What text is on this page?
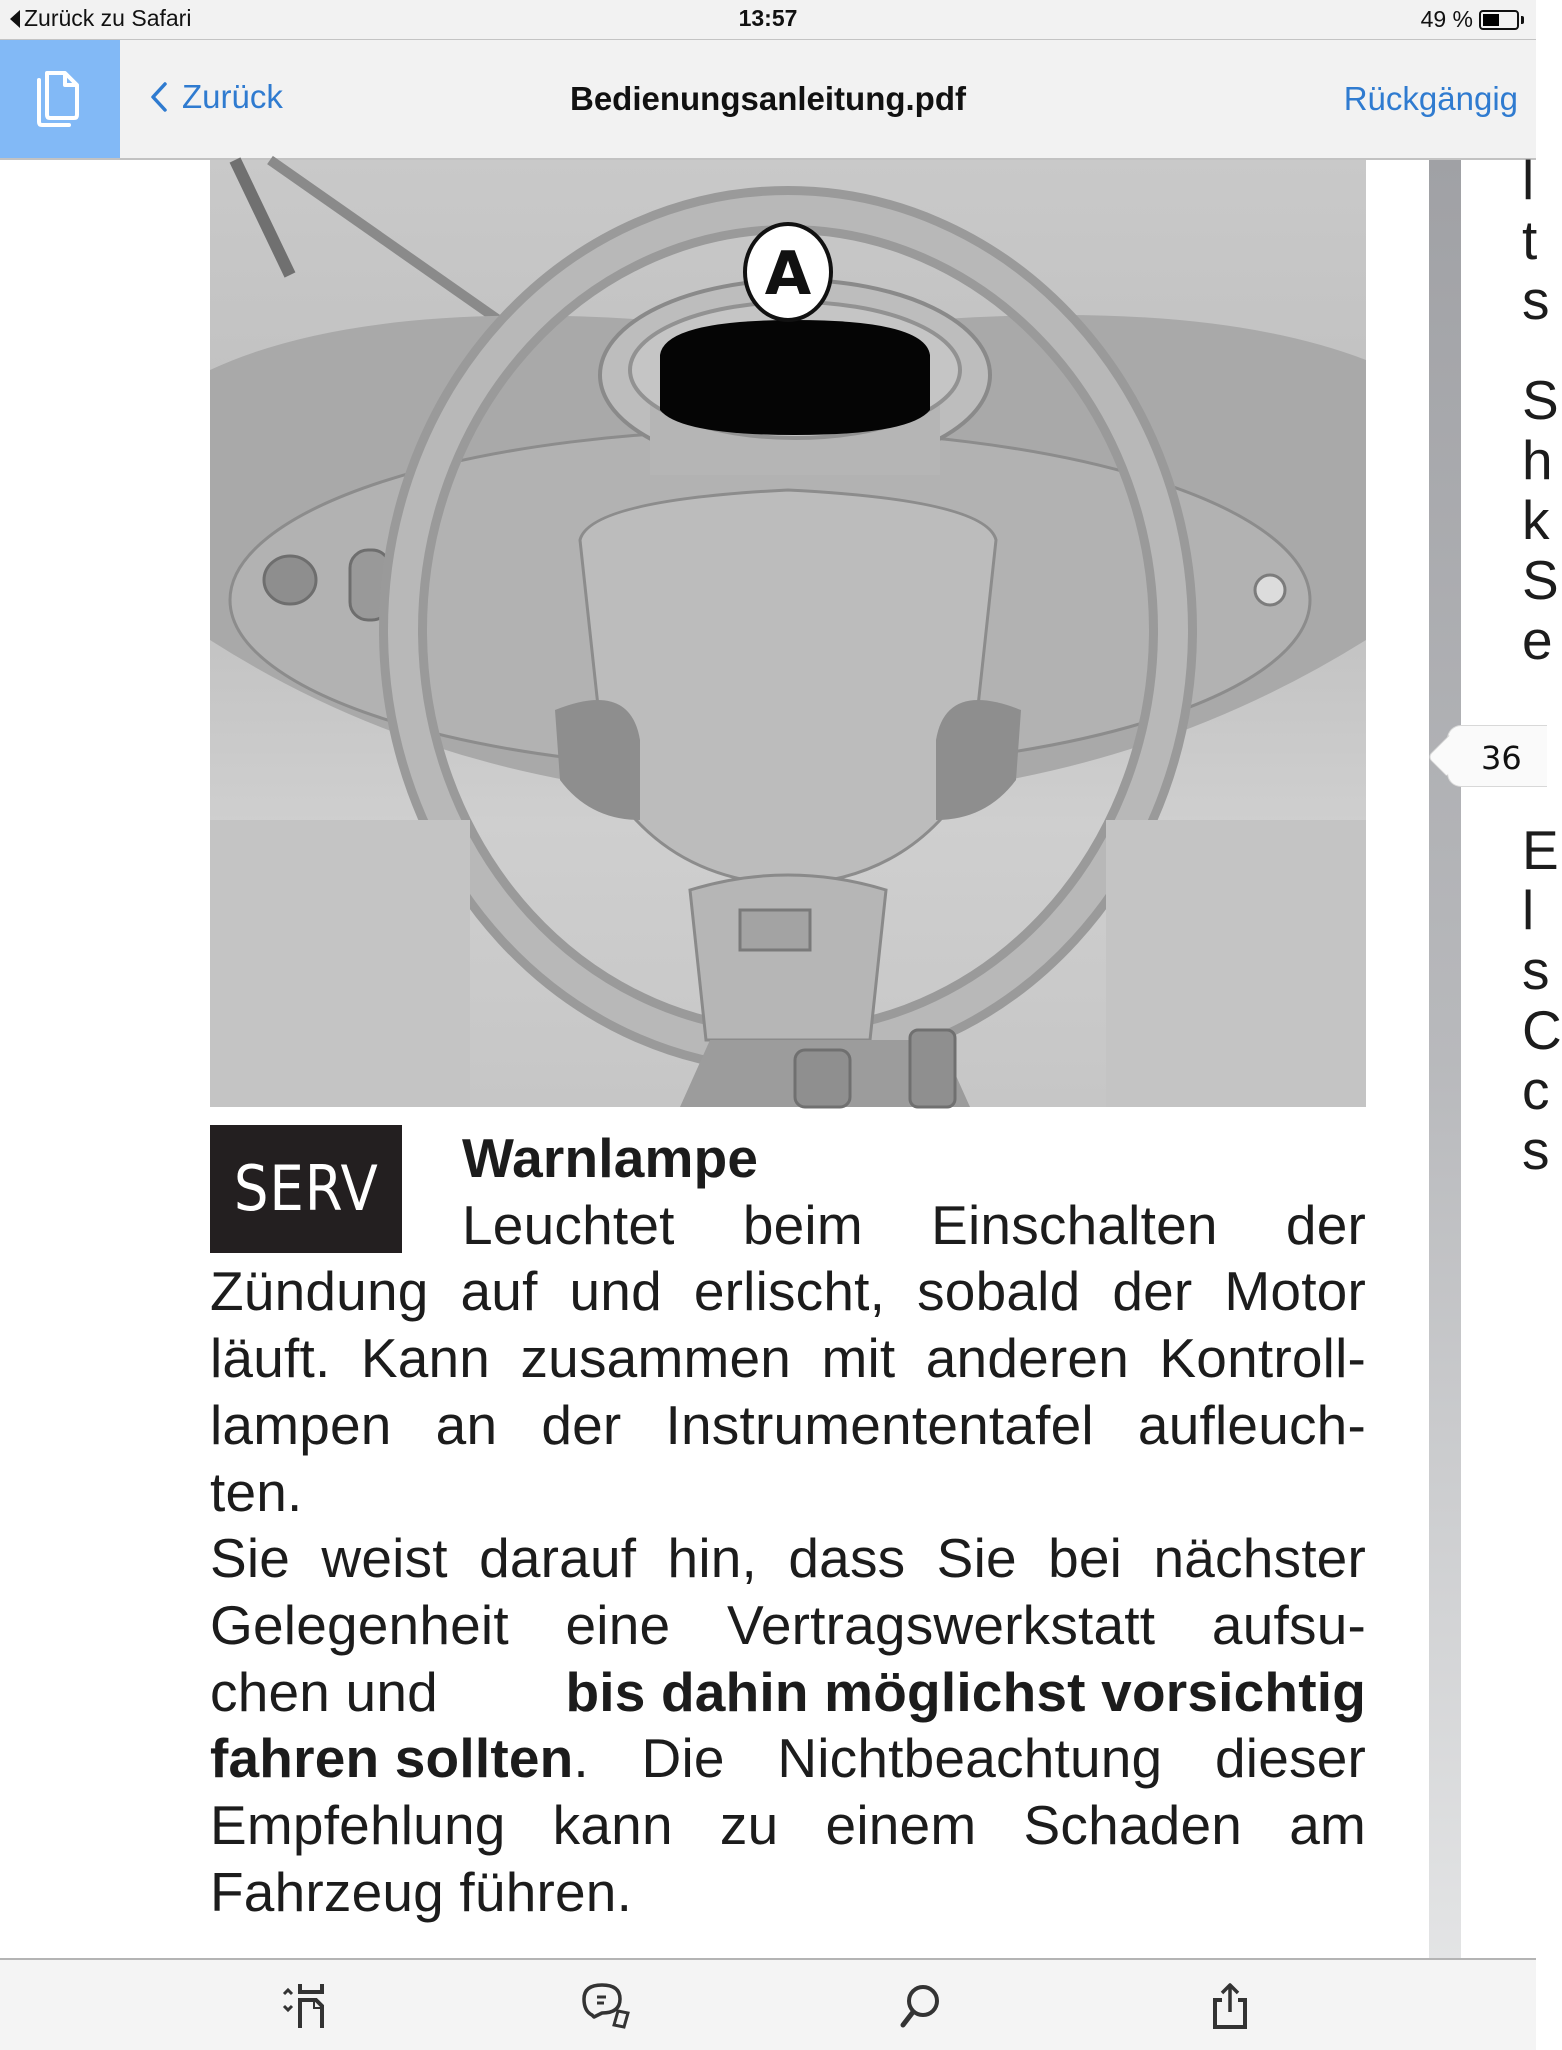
Zurück zu Safari	13:57	49 %
Zurück	Bedienungsanleitung.pdf	Rückgängig
A
SERV	Warnlampe
Leuchtet beim Einschalten der
Zündung auf und erlischt, sobald der Motor
läuft. Kann zusammen mit anderen Kontroll-
lampen an der Instrumententafel aufleuch-
ten.
Sie weist darauf hin, dass Sie bei nächster
Gelegenheit eine Vertragswerkstatt aufsu-
chen und bis dahin möglichst vorsichtig
fahren sollten . Die Nichtbeachtung dieser
Empfehlung kann zu einem Schaden am
Fahrzeug führen.
l
t
s
S
h
k
S
e
E
l
s
C
c
s
36
